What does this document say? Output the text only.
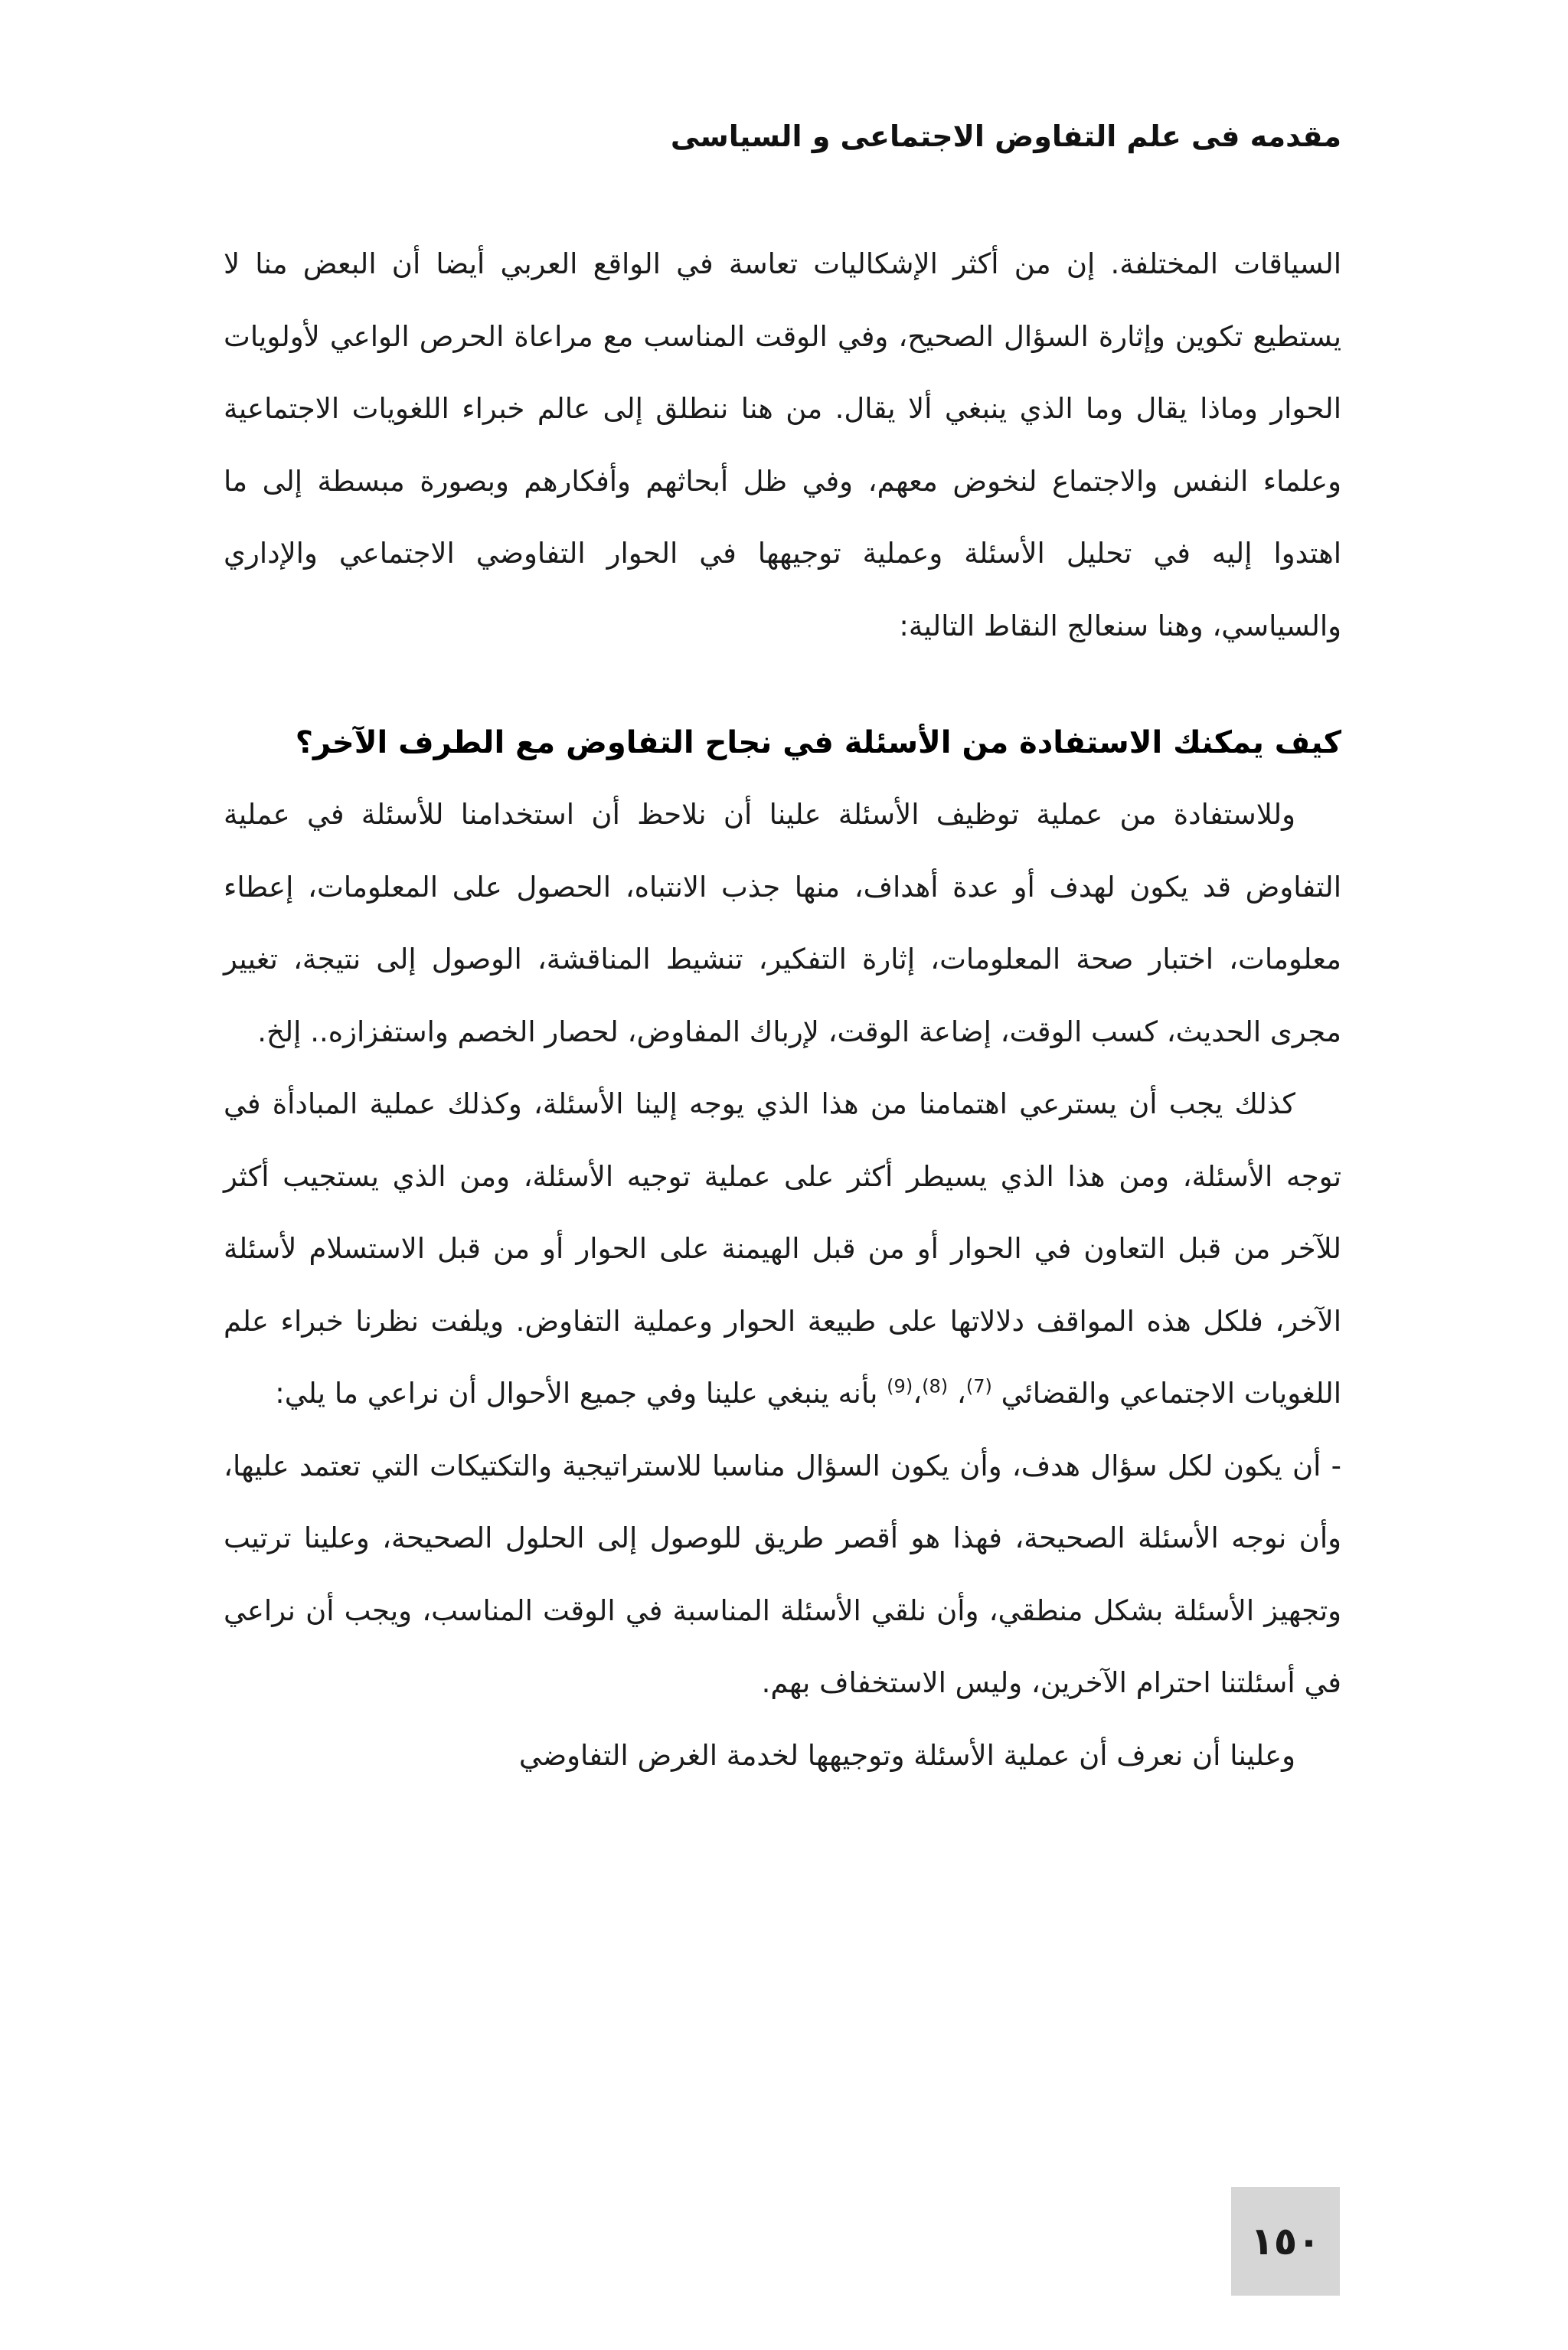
مقدمه فى علم التفاوض الاجتماعى و السياسى

السياقات المختلفة. إن من أكثر الإشكاليات تعاسة في الواقع العربي أيضا أن البعض منا لا يستطيع تكوين وإثارة السؤال الصحيح، وفي الوقت المناسب مع مراعاة الحرص الواعي لأولويات الحوار وماذا يقال وما الذي ينبغي ألا يقال. من هنا ننطلق إلى عالم خبراء اللغويات الاجتماعية وعلماء النفس والاجتماع لنخوض معهم، وفي ظل أبحاثهم وأفكارهم وبصورة مبسطة إلى ما اهتدوا إليه في تحليل الأسئلة وعملية توجيهها في الحوار التفاوضي الاجتماعي والإداري والسياسي، وهنا سنعالج النقاط التالية:

كيف يمكنك الاستفادة من الأسئلة في نجاح التفاوض مع الطرف الآخر؟

وللاستفادة من عملية توظيف الأسئلة علينا أن نلاحظ أن استخدامنا للأسئلة في عملية التفاوض قد يكون لهدف أو عدة أهداف، منها جذب الانتباه، الحصول على المعلومات، إعطاء معلومات، اختبار صحة المعلومات، إثارة التفكير، تنشيط المناقشة، الوصول إلى نتيجة، تغيير مجرى الحديث، كسب الوقت، إضاعة الوقت، لإرباك المفاوض، لحصار الخصم واستفزازه.. إلخ.

كذلك يجب أن يسترعي اهتمامنا من هذا الذي يوجه إلينا الأسئلة، وكذلك عملية المبادأة في توجه الأسئلة، ومن هذا الذي يسيطر أكثر على عملية توجيه الأسئلة، ومن الذي يستجيب أكثر للآخر من قبل التعاون في الحوار أو من قبل الهيمنة على الحوار أو من قبل الاستسلام لأسئلة الآخر، فلكل هذه المواقف دلالاتها على طبيعة الحوار وعملية التفاوض. ويلفت نظرنا خبراء علم اللغويات الاجتماعي والقضائي $^{(7)}$، $^{(8)}$،$^{(9)}$ بأنه ينبغي علينا وفي جميع الأحوال أن نراعي ما يلي:

- أن يكون لكل سؤال هدف، وأن يكون السؤال مناسبا للاستراتيجية والتكتيكات التي تعتمد عليها، وأن نوجه الأسئلة الصحيحة، فهذا هو أقصر طريق للوصول إلى الحلول الصحيحة، وعلينا ترتيب وتجهيز الأسئلة بشكل منطقي، وأن نلقي الأسئلة المناسبة في الوقت المناسب، ويجب أن نراعي في أسئلتنا احترام الآخرين، وليس الاستخفاف بهم.

وعلينا أن نعرف أن عملية الأسئلة وتوجيهها لخدمة الغرض التفاوضي

١٥٠
